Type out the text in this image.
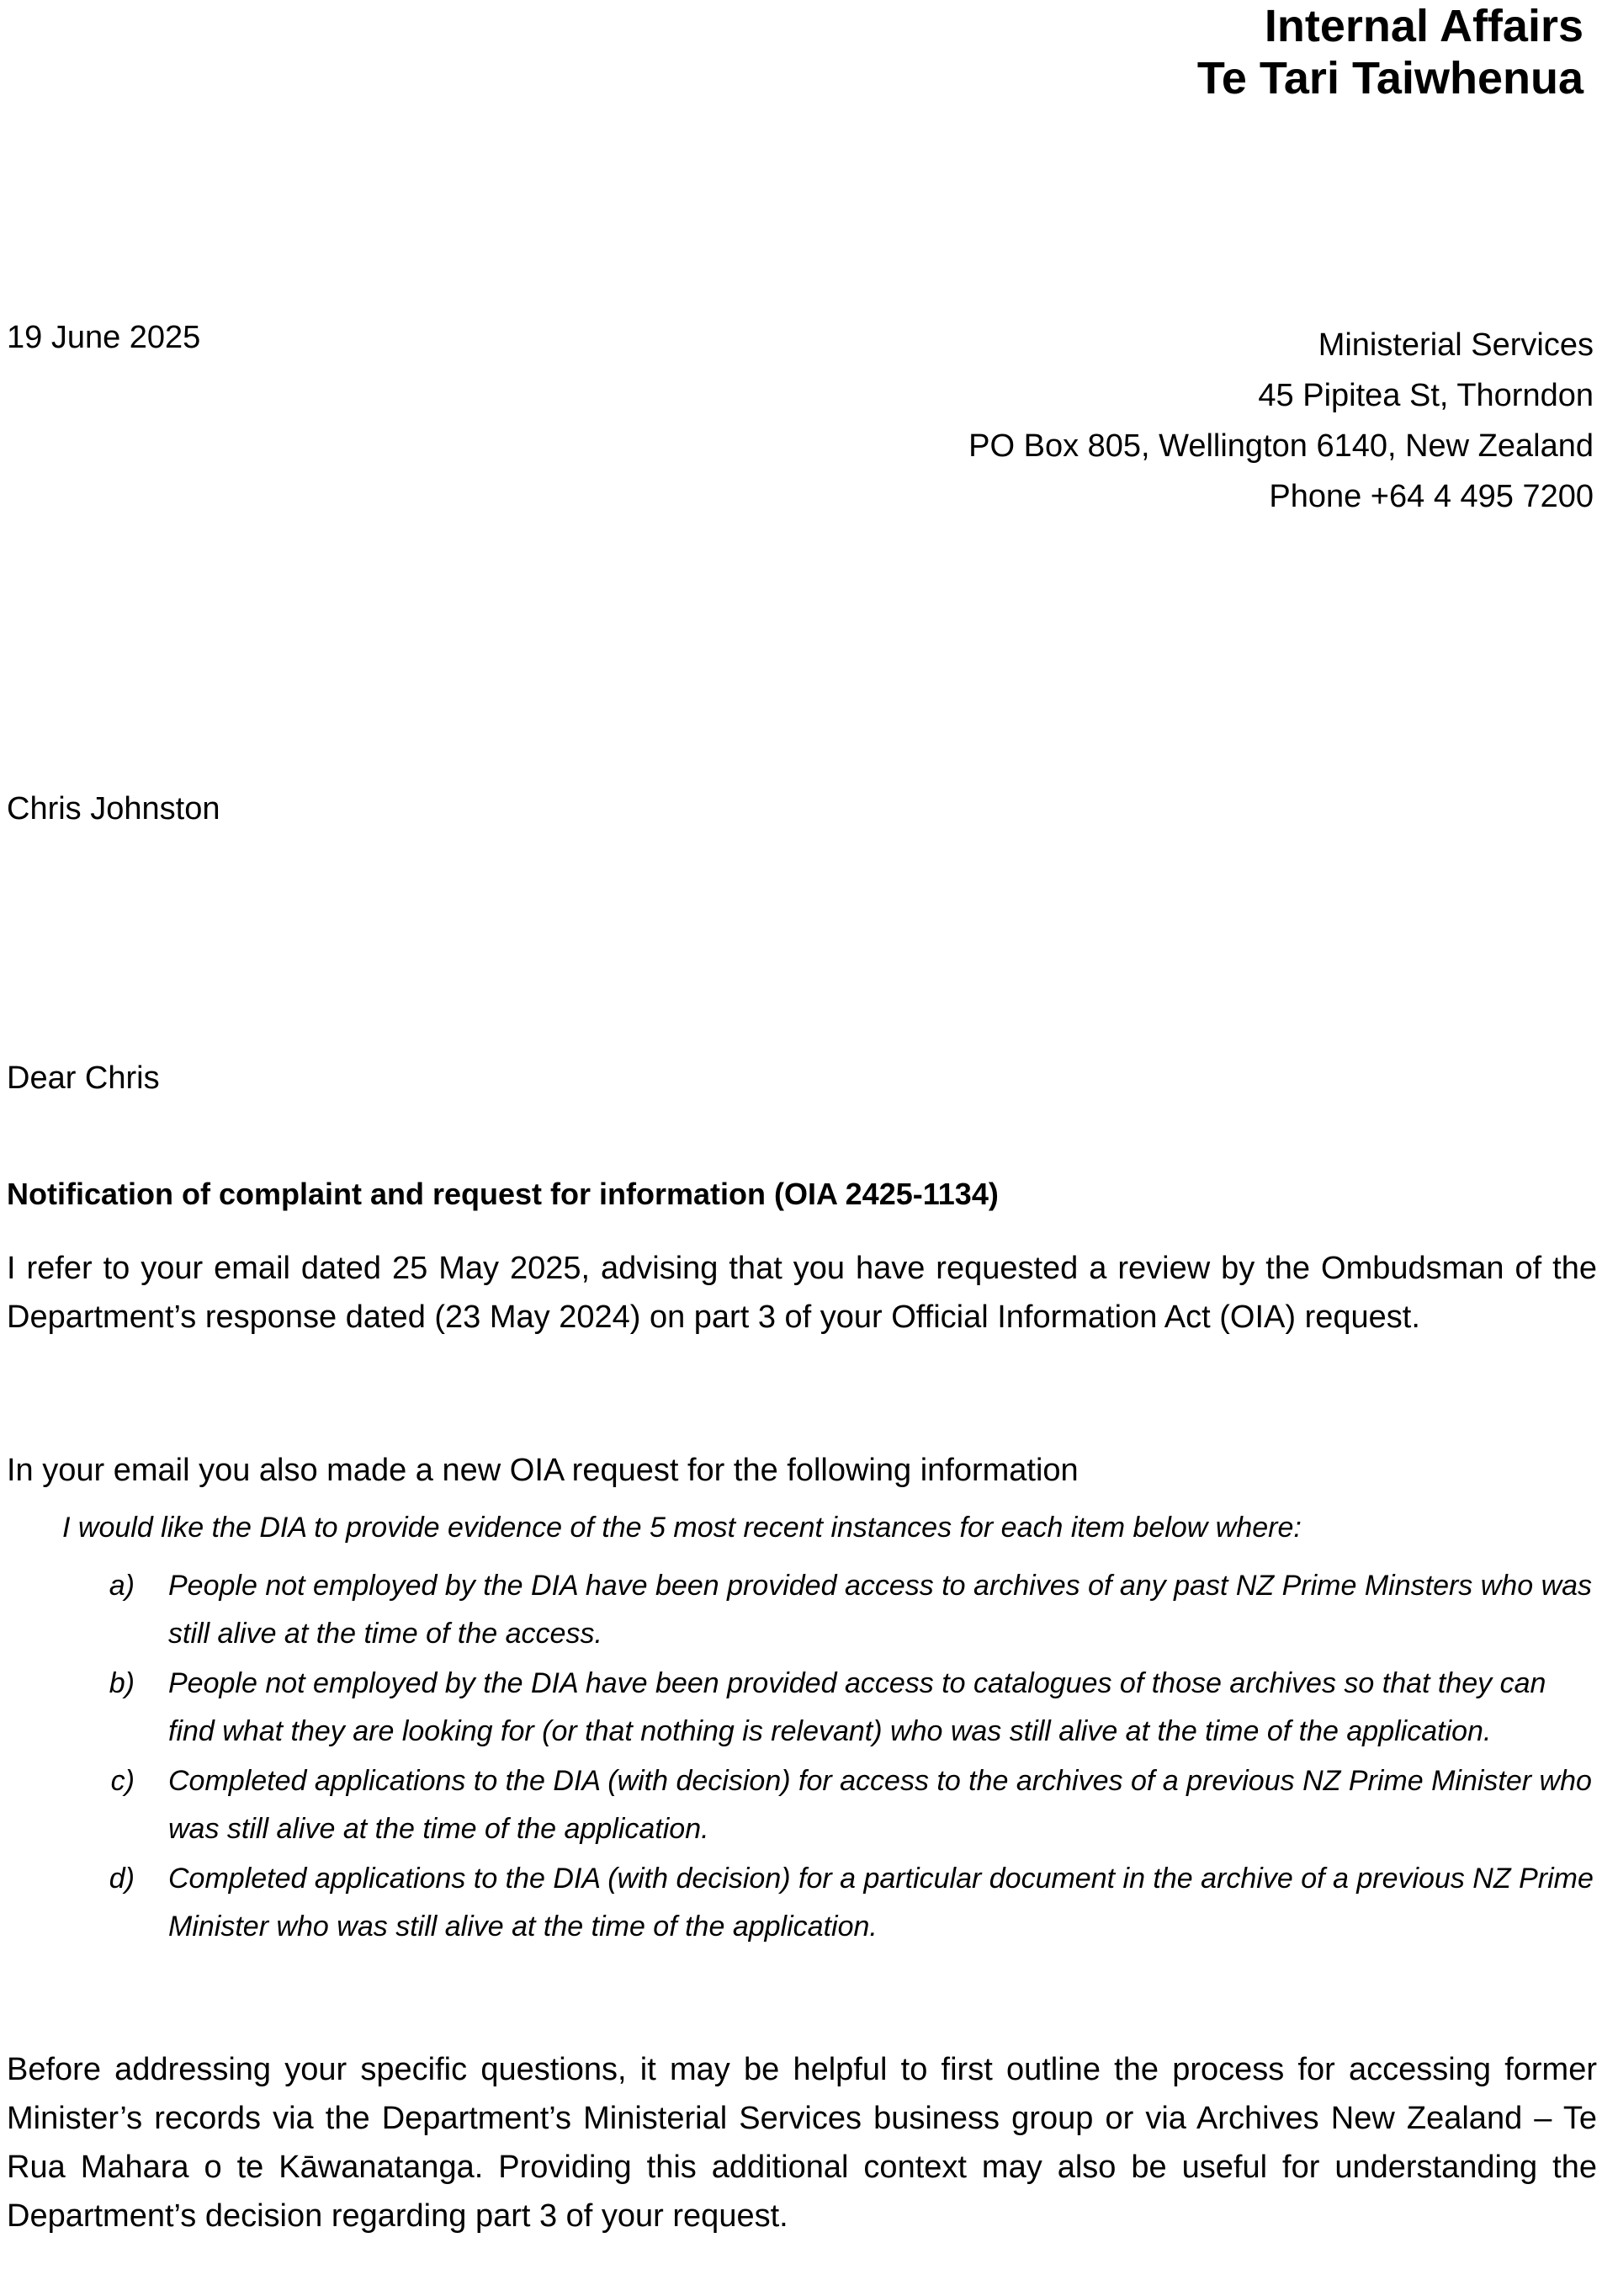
Internal Affairs
Te Tari Taiwhenua
19 June 2025	Ministerial Services
45 Pipitea St, Thorndon
PO Box 805, Wellington 6140, New Zealand
Phone +64 4 495 7200
Chris Johnston
Dear Chris
Notification of complaint and request for information (OIA 2425-1134)

I refer to your email dated 25 May 2025, advising that you have requested a review by the Ombudsman of the Department’s response dated (23 May 2024) on part 3 of your Official Information Act (OIA) request.

In your email you also made a new OIA request for the following information

I would like the DIA to provide evidence of the 5 most recent instances for each item below where:
a) People not employed by the DIA have been provided access to archives of any past NZ Prime Minsters who was still alive at the time of the access.
b) People not employed by the DIA have been provided access to catalogues of those archives so that they can find what they are looking for (or that nothing is relevant) who was still alive at the time of the application.
c) Completed applications to the DIA (with decision) for access to the archives of a previous NZ Prime Minister who was still alive at the time of the application.
d) Completed applications to the DIA (with decision) for a particular document in the archive of a previous NZ Prime Minister who was still alive at the time of the application.

Before addressing your specific questions, it may be helpful to first outline the process for accessing former Minister’s records via the Department’s Ministerial Services business group or via Archives New Zealand – Te Rua Mahara o te Kāwanatanga. Providing this additional context may also be useful for understanding the Department’s decision regarding part 3 of your request.
